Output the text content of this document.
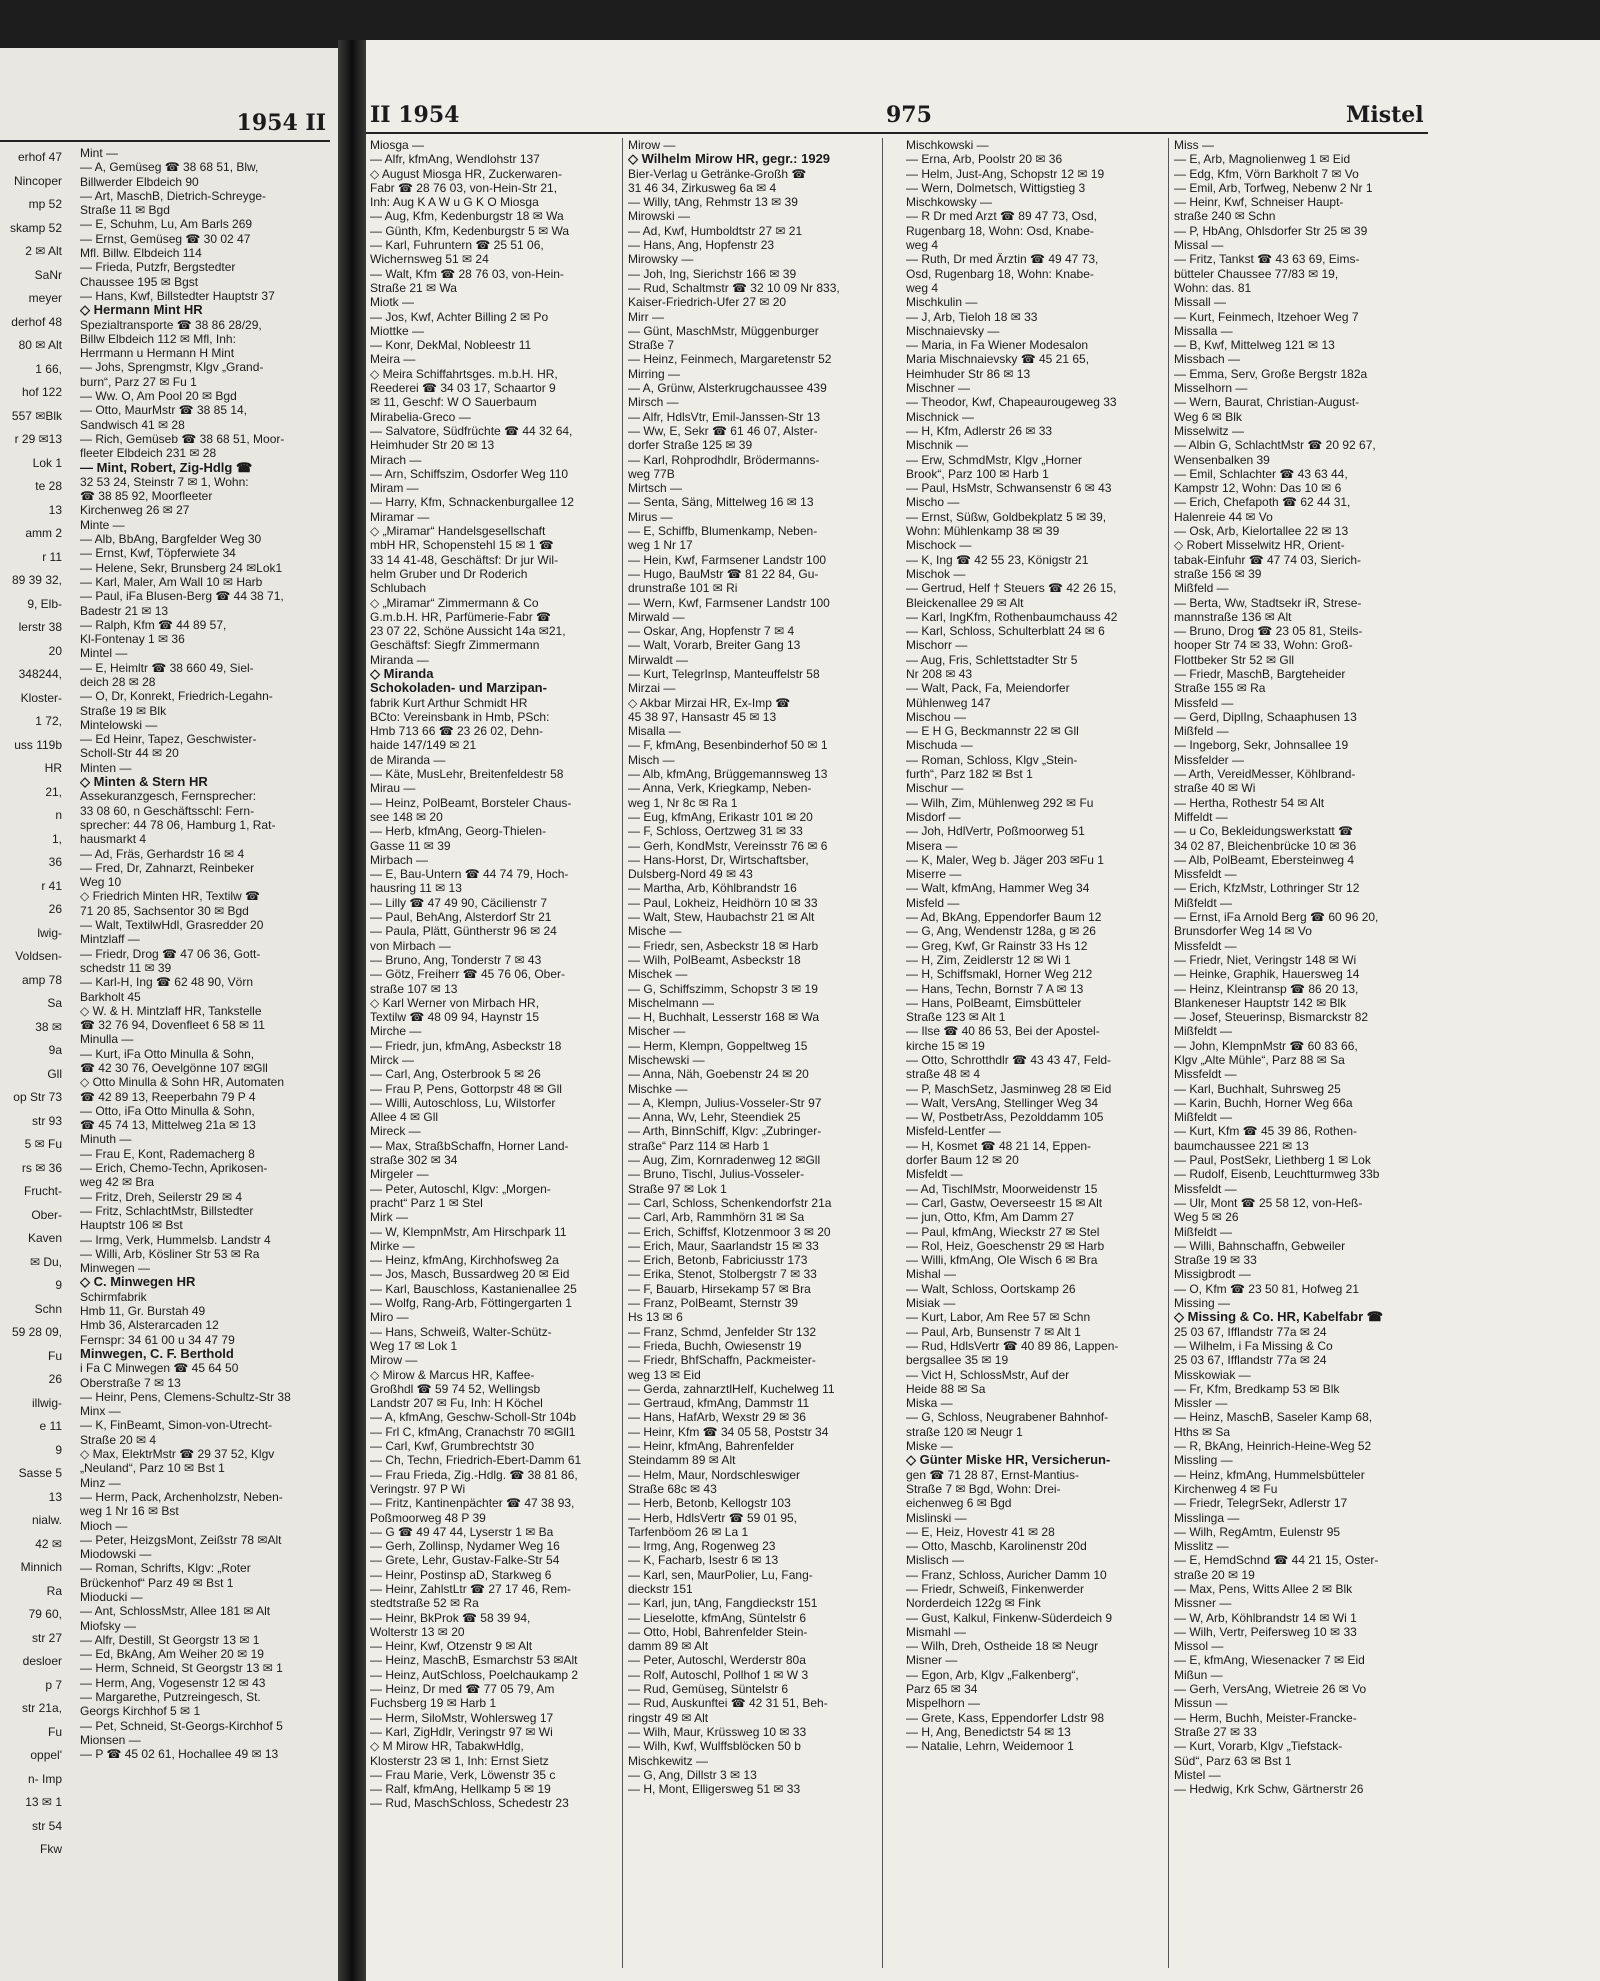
1954 II

erhof 47

Nincoper

mp 52

skamp 52

2 ✉ Alt

SaNr

meyer

derhof 48

80 ✉ Alt

1 66,

hof 122

557 ✉Blk

r 29 ✉13

Lok 1

te 28

13

amm 2

r 11

89 39 32,

9, Elb-

lerstr 38

20

348244,

Kloster-

1 72,

uss 119b

HR

21,

n

1,

36

r 41

26

lwig-

Voldsen-

amp 78

Sa

38 ✉

9a

Gll

op Str 73

str 93

5 ✉ Fu

rs ✉ 36

Frucht-

Ober-

Kaven

✉ Du,

9

Schn

59 28 09,

Fu

26

illwig-

e 11

9

Sasse 5

13

nialw.

42 ✉

Minnich

Ra

79 60,

str 27

desloer

p 7

str 21a,

Fu

oppel'

n- Imp

13 ✉ 1

str 54

Fkw

Mint —

— A, Gemüseg ☎ 38 68 51, Blw,

Billwerder Elbdeich 90

— Art, MaschB, Dietrich-Schreyge-

Straße 11 ✉ Bgd

— E, Schuhm, Lu, Am Barls 269

— Ernst, Gemüseg ☎ 30 02 47

Mfl. Billw. Elbdeich 114

— Frieda, Putzfr, Bergstedter

Chaussee 195 ✉ Bgst

— Hans, Kwf, Billstedter Hauptstr 37

◇ Hermann Mint HR

Spezialtransporte ☎ 38 86 28/29,

Billw Elbdeich 112 ✉ Mfl, Inh:

Herrmann u Hermann H Mint

— Johs, Sprengmstr, Klgv „Grand-

burn“, Parz 27 ✉ Fu 1

— Ww. O, Am Pool 20 ✉ Bgd

— Otto, MaurMstr ☎ 38 85 14,

Sandwisch 41 ✉ 28

— Rich, Gemüseb ☎ 38 68 51, Moor-

fleeter Elbdeich 231 ✉ 28

— Mint, Robert, Zig-Hdlg ☎

32 53 24, Steinstr 7 ✉ 1, Wohn:

☎ 38 85 92, Moorfleeter

Kirchenweg 26 ✉ 27

Minte —

— Alb, BbAng, Bargfelder Weg 30

— Ernst, Kwf, Töpferwiete 34

— Helene, Sekr, Brunsberg 24 ✉Lok1

— Karl, Maler, Am Wall 10 ✉ Harb

— Paul, iFa Blusen-Berg ☎ 44 38 71,

Badestr 21 ✉ 13

— Ralph, Kfm ☎ 44 89 57,

Kl-Fontenay 1 ✉ 36

Mintel —

— E, Heimltr ☎ 38 660 49, Siel-

deich 28 ✉ 28

— O, Dr, Konrekt, Friedrich-Legahn-

Straße 19 ✉ Blk

Mintelowski —

— Ed Heinr, Tapez, Geschwister-

Scholl-Str 44 ✉ 20

Minten —

◇ Minten & Stern HR

Assekuranzgesch, Fernsprecher:

33 08 60, n Geschäftsschl: Fern-

sprecher: 44 78 06, Hamburg 1, Rat-

hausmarkt 4

— Ad, Fräs, Gerhardstr 16 ✉ 4

— Fred, Dr, Zahnarzt, Reinbeker

Weg 10

◇ Friedrich Minten HR, Textilw ☎

71 20 85, Sachsentor 30 ✉ Bgd

— Walt, TextilwHdl, Grasredder 20

Mintzlaff —

— Friedr, Drog ☎ 47 06 36, Gott-

schedstr 11 ✉ 39

— Karl-H, Ing ☎ 62 48 90, Vörn

Barkholt 45

◇ W. & H. Mintzlaff HR, Tankstelle

☎ 32 76 94, Dovenfleet 6 58 ✉ 11

Minulla —

— Kurt, iFa Otto Minulla & Sohn,

☎ 42 30 76, Oevelgönne 107 ✉Gll

◇ Otto Minulla & Sohn HR, Automaten

☎ 42 89 13, Reeperbahn 79 P 4

— Otto, iFa Otto Minulla & Sohn,

☎ 45 74 13, Mittelweg 21a ✉ 13

Minuth —

— Frau E, Kont, Rademacherg 8

— Erich, Chemo-Techn, Aprikosen-

weg 42 ✉ Bra

— Fritz, Dreh, Seilerstr 29 ✉ 4

— Fritz, SchlachtMstr, Billstedter

Hauptstr 106 ✉ Bst

— Irmg, Verk, Hummelsb. Landstr 4

— Willi, Arb, Kösliner Str 53 ✉ Ra

Minwegen —

◇ C. Minwegen HR

Schirmfabrik

Hmb 11, Gr. Burstah 49

Hmb 36, Alsterarcaden 12

Fernspr: 34 61 00 u 34 47 79

Minwegen, C. F. Berthold

i Fa C Minwegen ☎ 45 64 50

Oberstraße 7 ✉ 13

— Heinr, Pens, Clemens-Schultz-Str 38

Minx —

— K, FinBeamt, Simon-von-Utrecht-

Straße 20 ✉ 4

◇ Max, ElektrMstr ☎ 29 37 52, Klgv

„Neuland“, Parz 10 ✉ Bst 1

Minz —

— Herm, Pack, Archenholzstr, Neben-

weg 1 Nr 16 ✉ Bst

Mioch —

— Peter, HeizgsMont, Zeißstr 78 ✉Alt

Miodowski —

— Roman, Schrifts, Klgv: „Roter

Brückenhof“ Parz 49 ✉ Bst 1

Mioducki —

— Ant, SchlossMstr, Allee 181 ✉ Alt

Miofsky —

— Alfr, Destill, St Georgstr 13 ✉ 1

— Ed, BkAng, Am Weiher 20 ✉ 19

— Herm, Schneid, St Georgstr 13 ✉ 1

— Herm, Ang, Vogesenstr 12 ✉ 43

— Margarethe, Putzreingesch, St.

Georgs Kirchhof 5 ✉ 1

— Pet, Schneid, St-Georgs-Kirchhof 5

Mionsen —

— P ☎ 45 02 61, Hochallee 49 ✉ 13

II 1954	975	Mistel

Miosga —

— Alfr, kfmAng, Wendlohstr 137

◇ August Miosga HR, Zuckerwaren-

Fabr ☎ 28 76 03, von-Hein-Str 21,

Inh: Aug K A W u G K O Miosga

— Aug, Kfm, Kedenburgstr 18 ✉ Wa

— Günth, Kfm, Kedenburgstr 5 ✉ Wa

— Karl, Fuhruntern ☎ 25 51 06,

Wichernsweg 51 ✉ 24

— Walt, Kfm ☎ 28 76 03, von-Hein-

Straße 21 ✉ Wa

Miotk —

— Jos, Kwf, Achter Billing 2 ✉ Po

Miottke —

— Konr, DekMal, Nobleestr 11

Meira —

◇ Meira Schiffahrtsges. m.b.H. HR,

Reederei ☎ 34 03 17, Schaartor 9

✉ 11, Geschf: W O Sauerbaum

Mirabelia-Greco —

— Salvatore, Südfrüchte ☎ 44 32 64,

Heimhuder Str 20 ✉ 13

Mirach —

— Arn, Schiffszim, Osdorfer Weg 110

Miram —

— Harry, Kfm, Schnackenburgallee 12

Miramar —

◇ „Miramar“ Handelsgesellschaft

mbH HR, Schopenstehl 15 ✉ 1 ☎

33 14 41-48, Geschäftsf: Dr jur Wil-

helm Gruber und Dr Roderich

Schlubach

◇ „Miramar“ Zimmermann & Co

G.m.b.H. HR, Parfümerie-Fabr ☎

23 07 22, Schöne Aussicht 14a ✉21,

Geschäftsf: Siegfr Zimmermann

Miranda —

◇ Miranda

Schokoladen- und Marzipan-

fabrik Kurt Arthur Schmidt HR

BCto: Vereinsbank in Hmb, PSch:

Hmb 713 66 ☎ 23 26 02, Dehn-

haide 147/149 ✉ 21

de Miranda —

— Käte, MusLehr, Breitenfeldestr 58

Mirau —

— Heinz, PolBeamt, Borsteler Chaus-

see 148 ✉ 20

— Herb, kfmAng, Georg-Thielen-

Gasse 11 ✉ 39

Mirbach —

— E, Bau-Untern ☎ 44 74 79, Hoch-

hausring 11 ✉ 13

— Lilly ☎ 47 49 90, Cäcilienstr 7

— Paul, BehAng, Alsterdorf Str 21

— Paula, Plätt, Güntherstr 96 ✉ 24

von Mirbach —

— Bruno, Ang, Tonderstr 7 ✉ 43

— Götz, Freiherr ☎ 45 76 06, Ober-

straße 107 ✉ 13

◇ Karl Werner von Mirbach HR,

Textilw ☎ 48 09 94, Haynstr 15

Mirche —

— Friedr, jun, kfmAng, Asbeckstr 18

Mirck —

— Carl, Ang, Osterbrook 5 ✉ 26

— Frau P, Pens, Gottorpstr 48 ✉ Gll

— Willi, Autoschloss, Lu, Wilstorfer

Allee 4 ✉ Gll

Mireck —

— Max, StraßbSchaffn, Horner Land-

straße 302 ✉ 34

Mirgeler —

— Peter, Autoschl, Klgv: „Morgen-

pracht“ Parz 1 ✉ Stel

Mirk —

— W, KlempnMstr, Am Hirschpark 11

Mirke —

— Heinz, kfmAng, Kirchhofsweg 2a

— Jos, Masch, Bussardweg 20 ✉ Eid

— Karl, Bauschloss, Kastanienallee 25

— Wolfg, Rang-Arb, Föttingergarten 1

Miro —

— Hans, Schweiß, Walter-Schütz-

Weg 17 ✉ Lok 1

Mirow —

◇ Mirow & Marcus HR, Kaffee-

Großhdl ☎ 59 74 52, Wellingsb

Landstr 207 ✉ Fu, Inh: H Köchel

— A, kfmAng, Geschw-Scholl-Str 104b

— Frl C, kfmAng, Cranachstr 70 ✉Gll1

— Carl, Kwf, Grumbrechtstr 30

— Ch, Techn, Friedrich-Ebert-Damm 61

— Frau Frieda, Zig.-Hdlg. ☎ 38 81 86,

Veringstr. 97 P Wi

— Fritz, Kantinenpächter ☎ 47 38 93,

Poßmoorweg 48 P 39

— G ☎ 49 47 44, Lyserstr 1 ✉ Ba

— Gerh, Zollinsp, Nydamer Weg 16

— Grete, Lehr, Gustav-Falke-Str 54

— Heinr, Postinsp aD, Starkweg 6

— Heinr, ZahlstLtr ☎ 27 17 46, Rem-

stedtstraße 52 ✉ Ra

— Heinr, BkProk ☎ 58 39 94,

Wolterstr 13 ✉ 20

— Heinr, Kwf, Otzenstr 9 ✉ Alt

— Heinz, MaschB, Esmarchstr 53 ✉Alt

— Heinz, AutSchloss, Poelchaukamp 2

— Heinz, Dr med ☎ 77 05 79, Am

Fuchsberg 19 ✉ Harb 1

— Herm, SiloMstr, Wohlersweg 17

— Karl, ZigHdlr, Veringstr 97 ✉ Wi

◇ M Mirow HR, TabakwHdlg,

Klosterstr 23 ✉ 1, Inh: Ernst Sietz

— Frau Marie, Verk, Löwenstr 35 c

— Ralf, kfmAng, Hellkamp 5 ✉ 19

— Rud, MaschSchloss, Schedestr 23

Mirow —

◇ Wilhelm Mirow HR, gegr.: 1929

Bier-Verlag u Getränke-Großh ☎

31 46 34, Zirkusweg 6a ✉ 4

— Willy, tAng, Rehmstr 13 ✉ 39

Mirowski —

— Ad, Kwf, Humboldtstr 27 ✉ 21

— Hans, Ang, Hopfenstr 23

Mirowsky —

— Joh, Ing, Sierichstr 166 ✉ 39

— Rud, Schaltmstr ☎ 32 10 09 Nr 833,

Kaiser-Friedrich-Ufer 27 ✉ 20

Mirr —

— Günt, MaschMstr, Müggenburger

Straße 7

— Heinz, Feinmech, Margaretenstr 52

Mirring —

— A, Grünw, Alsterkrugchaussee 439

Mirsch —

— Alfr, HdlsVtr, Emil-Janssen-Str 13

— Ww, E, Sekr ☎ 61 46 07, Alster-

dorfer Straße 125 ✉ 39

— Karl, Rohprodhdlr, Brödermanns-

weg 77B

Mirtsch —

— Senta, Säng, Mittelweg 16 ✉ 13

Mirus —

— E, Schiffb, Blumenkamp, Neben-

weg 1 Nr 17

— Hein, Kwf, Farmsener Landstr 100

— Hugo, BauMstr ☎ 81 22 84, Gu-

drunstraße 101 ✉ Ri

— Wern, Kwf, Farmsener Landstr 100

Mirwald —

— Oskar, Ang, Hopfenstr 7 ✉ 4

— Walt, Vorarb, Breiter Gang 13

Mirwaldt —

— Kurt, TelegrInsp, Manteuffelstr 58

Mirzai —

◇ Akbar Mirzai HR, Ex-Imp ☎

45 38 97, Hansastr 45 ✉ 13

Misalla —

— F, kfmAng, Besenbinderhof 50 ✉ 1

Misch —

— Alb, kfmAng, Brüggemannsweg 13

— Anna, Verk, Kriegkamp, Neben-

weg 1, Nr 8c ✉ Ra 1

— Eug, kfmAng, Erikastr 101 ✉ 20

— F, Schloss, Oertzweg 31 ✉ 33

— Gerh, KondMstr, Vereinsstr 76 ✉ 6

— Hans-Horst, Dr, Wirtschaftsber,

Dulsberg-Nord 49 ✉ 43

— Martha, Arb, Köhlbrandstr 16

— Paul, Lokheiz, Heidhörn 10 ✉ 33

— Walt, Stew, Haubachstr 21 ✉ Alt

Mische —

— Friedr, sen, Asbeckstr 18 ✉ Harb

— Wilh, PolBeamt, Asbeckstr 18

Mischek —

— G, Schiffszimm, Schopstr 3 ✉ 19

Mischelmann —

— H, Buchhalt, Lesserstr 168 ✉ Wa

Mischer —

— Herm, Klempn, Goppeltweg 15

Mischewski —

— Anna, Näh, Goebenstr 24 ✉ 20

Mischke —

— A, Klempn, Julius-Vosseler-Str 97

— Anna, Wv, Lehr, Steendiek 25

— Arth, BinnSchiff, Klgv: „Zubringer-

straße“ Parz 114 ✉ Harb 1

— Aug, Zim, Kornradenweg 12 ✉Gll

— Bruno, Tischl, Julius-Vosseler-

Straße 97 ✉ Lok 1

— Carl, Schloss, Schenkendorfstr 21a

— Carl, Arb, Rammhörn 31 ✉ Sa

— Erich, Schiffsf, Klotzenmoor 3 ✉ 20

— Erich, Maur, Saarlandstr 15 ✉ 33

— Erich, Betonb, Fabriciusstr 173

— Erika, Stenot, Stolbergstr 7 ✉ 33

— F, Bauarb, Hirsekamp 57 ✉ Bra

— Franz, PolBeamt, Sternstr 39

Hs 13 ✉ 6

— Franz, Schmd, Jenfelder Str 132

— Frieda, Buchh, Owiesenstr 19

— Friedr, BhfSchaffn, Packmeister-

weg 13 ✉ Eid

— Gerda, zahnarztlHelf, Kuchelweg 11

— Gertraud, kfmAng, Dammstr 11

— Hans, HafArb, Wexstr 29 ✉ 36

— Heinr, Kfm ☎ 34 05 58, Poststr 34

— Heinr, kfmAng, Bahrenfelder

Steindamm 89 ✉ Alt

— Helm, Maur, Nordschleswiger

Straße 68c ✉ 43

— Herb, Betonb, Kellogstr 103

— Herb, HdlsVertr ☎ 59 01 95,

Tarfenböom 26 ✉ La 1

— Irmg, Ang, Rogenweg 23

— K, Facharb, Isestr 6 ✉ 13

— Karl, sen, MaurPolier, Lu, Fang-

dieckstr 151

— Karl, jun, tAng, Fangdieckstr 151

— Lieselotte, kfmAng, Süntelstr 6

— Otto, Hobl, Bahrenfelder Stein-

damm 89 ✉ Alt

— Peter, Autoschl, Werderstr 80a

— Rolf, Autoschl, Pollhof 1 ✉ W 3

— Rud, Gemüseg, Süntelstr 6

— Rud, Auskunftei ☎ 42 31 51, Beh-

ringstr 49 ✉ Alt

— Wilh, Maur, Krüssweg 10 ✉ 33

— Wilh, Kwf, Wulffsblöcken 50 b

Mischkewitz —

— G, Ang, Dillstr 3 ✉ 13

— H, Mont, Elligersweg 51 ✉ 33

Mischkowski —

— Erna, Arb, Poolstr 20 ✉ 36

— Helm, Just-Ang, Schopstr 12 ✉ 19

— Wern, Dolmetsch, Wittigstieg 3

Mischkowsky —

— R Dr med Arzt ☎ 89 47 73, Osd,

Rugenbarg 18, Wohn: Osd, Knabe-

weg 4

— Ruth, Dr med Ärztin ☎ 49 47 73,

Osd, Rugenbarg 18, Wohn: Knabe-

weg 4

Mischkulin —

— J, Arb, Tieloh 18 ✉ 33

Mischnaievsky —

— Maria, in Fa Wiener Modesalon

Maria Mischnaievsky ☎ 45 21 65,

Heimhuder Str 86 ✉ 13

Mischner —

— Theodor, Kwf, Chapeaurougeweg 33

Mischnick —

— H, Kfm, Adlerstr 26 ✉ 33

Mischnik —

— Erw, SchmdMstr, Klgv „Horner

Brook“, Parz 100 ✉ Harb 1

— Paul, HsMstr, Schwansenstr 6 ✉ 43

Mischo —

— Ernst, Süßw, Goldbekplatz 5 ✉ 39,

Wohn: Mühlenkamp 38 ✉ 39

Mischock —

— K, Ing ☎ 42 55 23, Königstr 21

Mischok —

— Gertrud, Helf † Steuers ☎ 42 26 15,

Bleickenallee 29 ✉ Alt

— Karl, IngKfm, Rothenbaumchauss 42

— Karl, Schloss, Schulterblatt 24 ✉ 6

Mischorr —

— Aug, Fris, Schlettstadter Str 5

Nr 208 ✉ 43

— Walt, Pack, Fa, Meiendorfer

Mühlenweg 147

Mischou —

— E H G, Beckmannstr 22 ✉ Gll

Mischuda —

— Roman, Schloss, Klgv „Stein-

furth“, Parz 182 ✉ Bst 1

Mischur —

— Wilh, Zim, Mühlenweg 292 ✉ Fu

Misdorf —

— Joh, HdlVertr, Poßmoorweg 51

Misera —

— K, Maler, Weg b. Jäger 203 ✉Fu 1

Miserre —

— Walt, kfmAng, Hammer Weg 34

Misfeld —

— Ad, BkAng, Eppendorfer Baum 12

— G, Ang, Wendenstr 128a, g ✉ 26

— Greg, Kwf, Gr Rainstr 33 Hs 12

— H, Zim, Zeidlerstr 12 ✉ Wi 1

— H, Schiffsmakl, Horner Weg 212

— Hans, Techn, Bornstr 7 A ✉ 13

— Hans, PolBeamt, Eimsbütteler

Straße 123 ✉ Alt 1

— Ilse ☎ 40 86 53, Bei der Apostel-

kirche 15 ✉ 19

— Otto, Schrotthdlr ☎ 43 43 47, Feld-

straße 48 ✉ 4

— P, MaschSetz, Jasminweg 28 ✉ Eid

— Walt, VersAng, Stellinger Weg 34

— W, PostbetrAss, Pezolddamm 105

Misfeld-Lentfer —

— H, Kosmet ☎ 48 21 14, Eppen-

dorfer Baum 12 ✉ 20

Misfeldt —

— Ad, TischlMstr, Moorweidenstr 15

— Carl, Gastw, Oeverseestr 15 ✉ Alt

— jun, Otto, Kfm, Am Damm 27

— Paul, kfmAng, Wieckstr 27 ✉ Stel

— Rol, Heiz, Goeschenstr 29 ✉ Harb

— Willi, kfmAng, Ole Wisch 6 ✉ Bra

Mishal —

— Walt, Schloss, Oortskamp 26

Misiak —

— Kurt, Labor, Am Ree 57 ✉ Schn

— Paul, Arb, Bunsenstr 7 ✉ Alt 1

— Rud, HdlsVertr ☎ 40 89 86, Lappen-

bergsallee 35 ✉ 19

— Vict H, SchlossMstr, Auf der

Heide 88 ✉ Sa

Miska —

— G, Schloss, Neugrabener Bahnhof-

straße 120 ✉ Neugr 1

Miske —

◇ Günter Miske HR, Versicherun-

gen ☎ 71 28 87, Ernst-Mantius-

Straße 7 ✉ Bgd, Wohn: Drei-

eichenweg 6 ✉ Bgd

Mislinski —

— E, Heiz, Hovestr 41 ✉ 28

— Otto, Maschb, Karolinenstr 20d

Mislisch —

— Franz, Schloss, Auricher Damm 10

— Friedr, Schweiß, Finkenwerder

Norderdeich 122g ✉ Fink

— Gust, Kalkul, Finkenw-Süderdeich 9

Mismahl —

— Wilh, Dreh, Ostheide 18 ✉ Neugr

Misner —

— Egon, Arb, Klgv „Falkenberg“,

Parz 65 ✉ 34

Mispelhorn —

— Grete, Kass, Eppendorfer Ldstr 98

— H, Ang, Benedictstr 54 ✉ 13

— Natalie, Lehrn, Weidemoor 1

Miss —

— E, Arb, Magnolienweg 1 ✉ Eid

— Edg, Kfm, Vörn Barkholt 7 ✉ Vo

— Emil, Arb, Torfweg, Nebenw 2 Nr 1

— Heinr, Kwf, Schneiser Haupt-

straße 240 ✉ Schn

— P, HbAng, Ohlsdorfer Str 25 ✉ 39

Missal —

— Fritz, Tankst ☎ 43 63 69, Eims-

bütteler Chaussee 77/83 ✉ 19,

Wohn: das. 81

Missall —

— Kurt, Feinmech, Itzehoer Weg 7

Missalla —

— B, Kwf, Mittelweg 121 ✉ 13

Missbach —

— Emma, Serv, Große Bergstr 182a

Misselhorn —

— Wern, Baurat, Christian-August-

Weg 6 ✉ Blk

Misselwitz —

— Albin G, SchlachtMstr ☎ 20 92 67,

Wensenbalken 39

— Emil, Schlachter ☎ 43 63 44,

Kampstr 12, Wohn: Das 10 ✉ 6

— Erich, Chefapoth ☎ 62 44 31,

Halenreie 44 ✉ Vo

— Osk, Arb, Kielortallee 22 ✉ 13

◇ Robert Misselwitz HR, Orient-

tabak-Einfuhr ☎ 47 74 03, Sierich-

straße 156 ✉ 39

Mißfeld —

— Berta, Ww, Stadtsekr iR, Strese-

mannstraße 136 ✉ Alt

— Bruno, Drog ☎ 23 05 81, Steils-

hooper Str 74 ✉ 33, Wohn: Groß-

Flottbeker Str 52 ✉ Gll

— Friedr, MaschB, Bargteheider

Straße 155 ✉ Ra

Missfeld —

— Gerd, DiplIng, Schaaphusen 13

Mißfeld —

— Ingeborg, Sekr, Johnsallee 19

Missfelder —

— Arth, VereidMesser, Köhlbrand-

straße 40 ✉ Wi

— Hertha, Rothestr 54 ✉ Alt

Miffeldt —

— u Co, Bekleidungswerkstatt ☎

34 02 87, Bleichenbrücke 10 ✉ 36

— Alb, PolBeamt, Ebersteinweg 4

Missfeldt —

— Erich, KfzMstr, Lothringer Str 12

Mißfeldt —

— Ernst, iFa Arnold Berg ☎ 60 96 20,

Brunsdorfer Weg 14 ✉ Vo

Missfeldt —

— Friedr, Niet, Veringstr 148 ✉ Wi

— Heinke, Graphik, Hauersweg 14

— Heinz, Kleintransp ☎ 86 20 13,

Blankeneser Hauptstr 142 ✉ Blk

— Josef, Steuerinsp, Bismarckstr 82

Mißfeldt —

— John, KlempnMstr ☎ 60 83 66,

Klgv „Alte Mühle“, Parz 88 ✉ Sa

Missfeldt —

— Karl, Buchhalt, Suhrsweg 25

— Karin, Buchh, Horner Weg 66a

Mißfeldt —

— Kurt, Kfm ☎ 45 39 86, Rothen-

baumchaussee 221 ✉ 13

— Paul, PostSekr, Liethberg 1 ✉ Lok

— Rudolf, Eisenb, Leuchtturmweg 33b

Missfeldt —

— Ulr, Mont ☎ 25 58 12, von-Heß-

Weg 5 ✉ 26

Mißfeldt —

— Willi, Bahnschaffn, Gebweiler

Straße 19 ✉ 33

Missigbrodt —

— O, Kfm ☎ 23 50 81, Hofweg 21

Missing —

◇ Missing & Co. HR, Kabelfabr ☎

25 03 67, Ifflandstr 77a ✉ 24

— Wilhelm, i Fa Missing & Co

25 03 67, Ifflandstr 77a ✉ 24

Misskowiak —

— Fr, Kfm, Bredkamp 53 ✉ Blk

Missler —

— Heinz, MaschB, Saseler Kamp 68,

Hths ✉ Sa

— R, BkAng, Heinrich-Heine-Weg 52

Missling —

— Heinz, kfmAng, Hummelsbütteler

Kirchenweg 4 ✉ Fu

— Friedr, TelegrSekr, Adlerstr 17

Misslinga —

— Wilh, RegAmtm, Eulenstr 95

Misslitz —

— E, HemdSchnd ☎ 44 21 15, Oster-

straße 20 ✉ 19

— Max, Pens, Witts Allee 2 ✉ Blk

Missner —

— W, Arb, Köhlbrandstr 14 ✉ Wi 1

— Wilh, Vertr, Peifersweg 10 ✉ 33

Missol —

— E, kfmAng, Wiesenacker 7 ✉ Eid

Mißun —

— Gerh, VersAng, Wietreie 26 ✉ Vo

Missun —

— Herm, Buchh, Meister-Francke-

Straße 27 ✉ 33

— Kurt, Vorarb, Klgv „Tiefstack-

Süd“, Parz 63 ✉ Bst 1

Mistel —

— Hedwig, Krk Schw, Gärtnerstr 26
